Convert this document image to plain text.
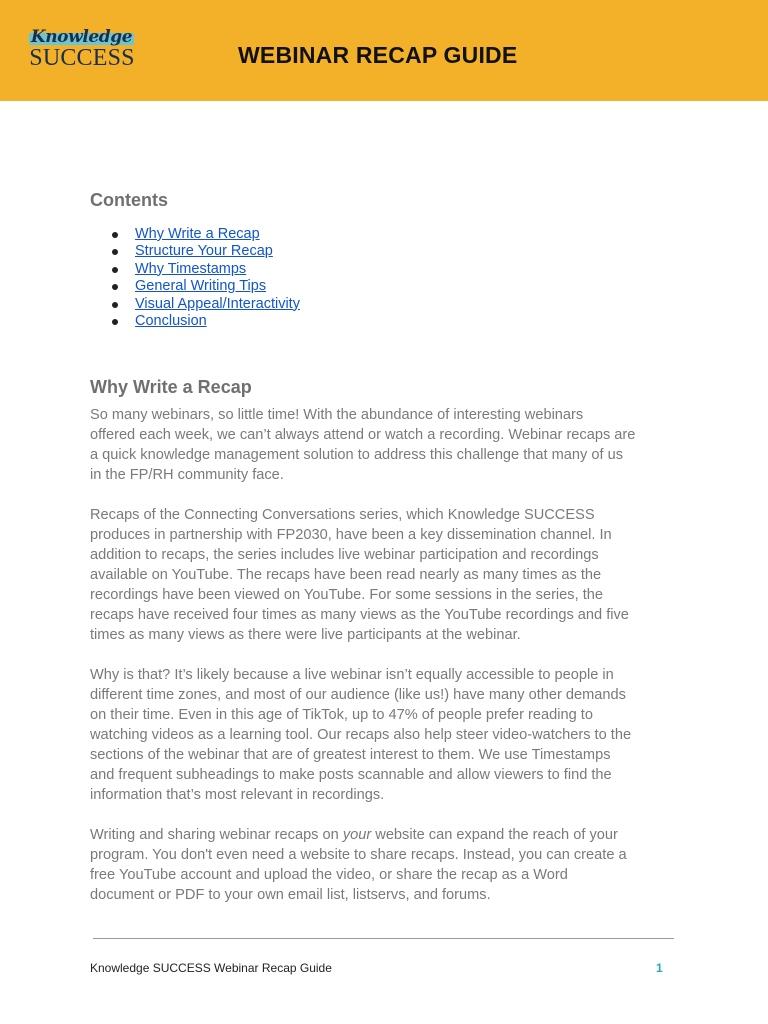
Knowledge
SUCCESS	WEBINAR RECAP GUIDE
Contents
Why Write a Recap
Structure Your Recap
Why Timestamps
General Writing Tips
Visual Appeal/Interactivity
Conclusion
Why Write a Recap

So many webinars, so little time! With the abundance of interesting webinars
offered each week, we can’t always attend or watch a recording. Webinar recaps are
a quick knowledge management solution to address this challenge that many of us
in the FP/RH community face.

Recaps of the Connecting Conversations series, which Knowledge SUCCESS
produces in partnership with FP2030, have been a key dissemination channel. In
addition to recaps, the series includes live webinar participation and recordings
available on YouTube. The recaps have been read nearly as many times as the
recordings have been viewed on YouTube. For some sessions in the series, the
recaps have received four times as many views as the YouTube recordings and five
times as many views as there were live participants at the webinar.

Why is that? It’s likely because a live webinar isn’t equally accessible to people in
different time zones, and most of our audience (like us!) have many other demands
on their time. Even in this age of TikTok, up to 47% of people prefer reading to
watching videos as a learning tool. Our recaps also help steer video-watchers to the
sections of the webinar that are of greatest interest to them. We use Timestamps
and frequent subheadings to make posts scannable and allow viewers to find the
information that’s most relevant in recordings.

Writing and sharing webinar recaps on your website can expand the reach of your
program. You don't even need a website to share recaps. Instead, you can create a
free YouTube account and upload the video, or share the recap as a Word
document or PDF to your own email list, listservs, and forums.

Knowledge SUCCESS Webinar Recap Guide	1
